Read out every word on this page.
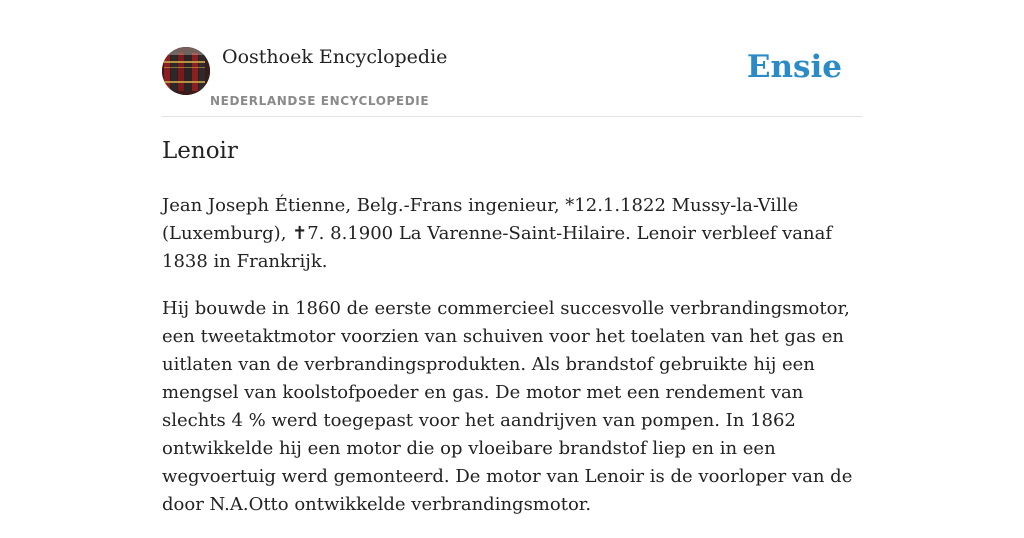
Oosthoek Encyclopedie
NEDERLANDSE ENCYCLOPEDIE
Ensie
Lenoir

Jean Joseph Étienne, Belg.-Frans ingenieur, *12.1.1822 Mussy-la-Ville (Luxemburg), ✝7. 8.1900 La Varenne-Saint-Hilaire. Lenoir verbleef vanaf 1838 in Frankrijk.

Hij bouwde in 1860 de eerste commercieel succesvolle verbrandingsmotor, een tweetaktmotor voorzien van schuiven voor het toelaten van het gas en uitlaten van de verbrandingsprodukten. Als brandstof gebruikte hij een mengsel van koolstofpoeder en gas. De motor met een rendement van slechts 4 % werd toegepast voor het aandrijven van pompen. In 1862 ontwikkelde hij een motor die op vloeibare brandstof liep en in een wegvoertuig werd gemonteerd. De motor van Lenoir is de voorloper van de door N.A.Otto ontwikkelde verbrandingsmotor.
